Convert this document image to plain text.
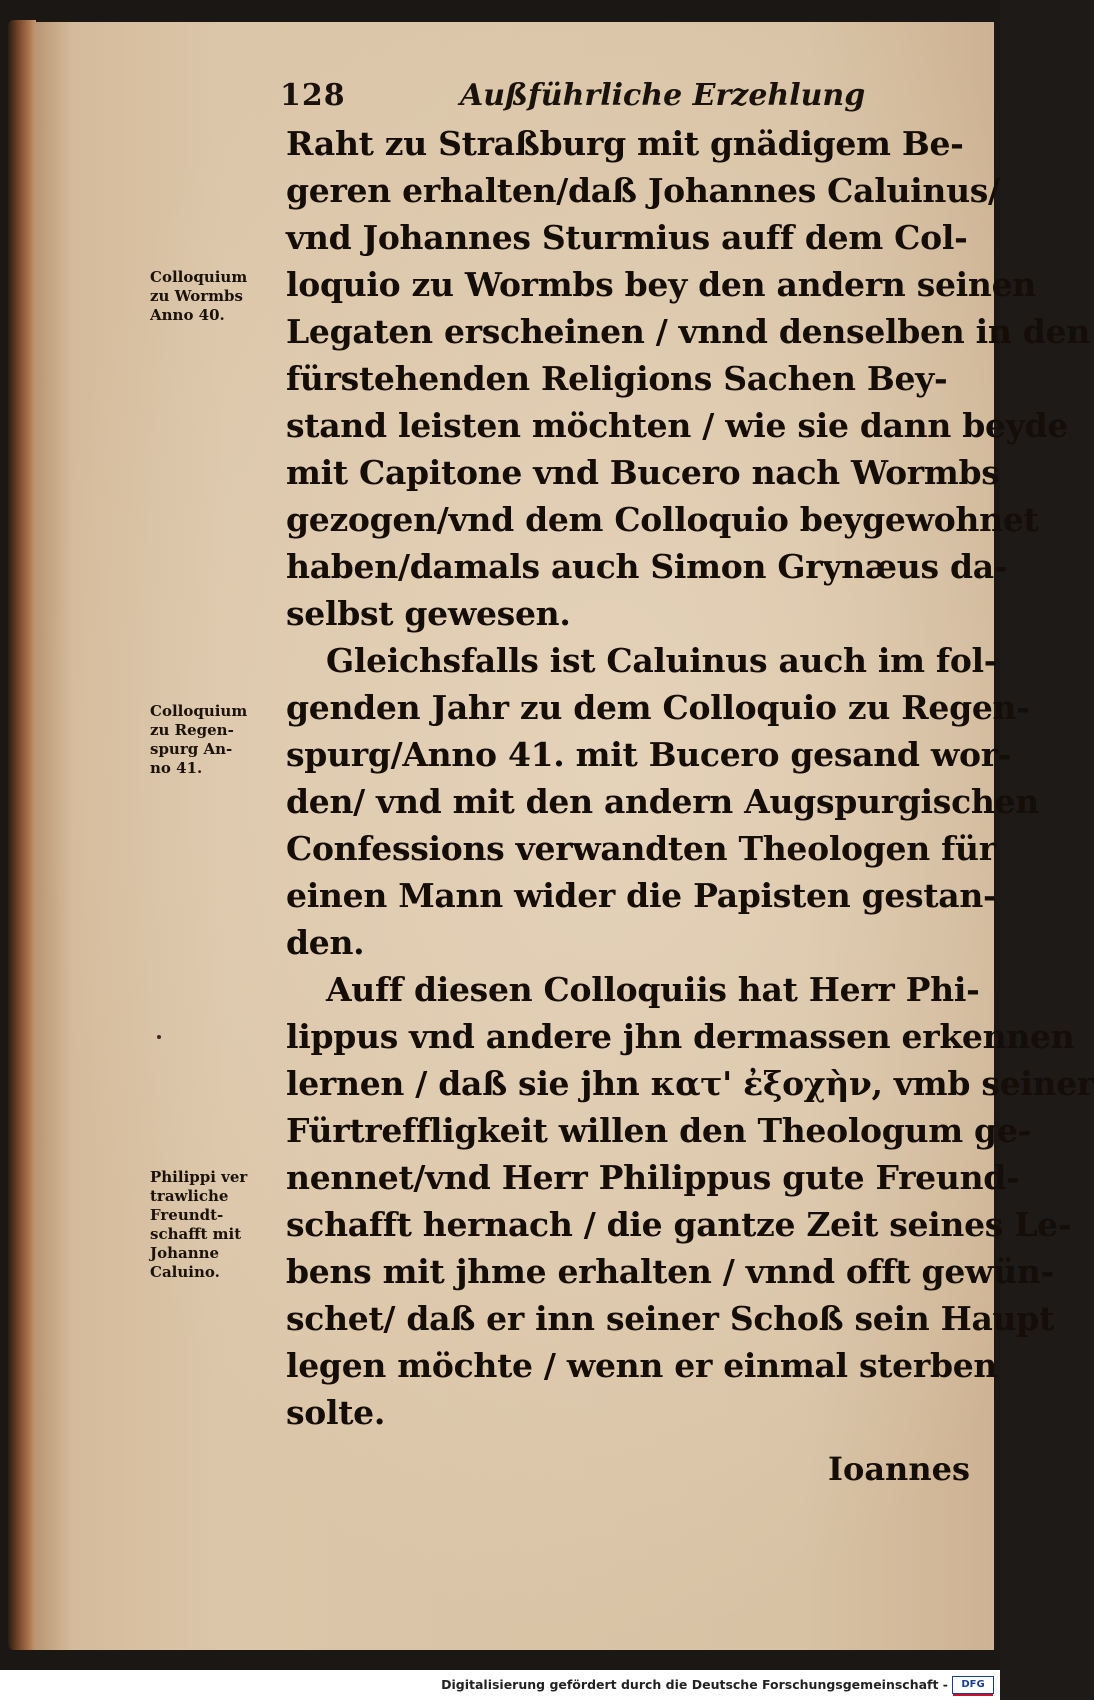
128	Außführliche Erzehlung
Colloquium
zu Wormbs
Anno 40.
Colloquium
zu Regen-
spurg An-
no 41.
Philippi ver
trawliche
Freundt-
schafft mit
Johanne
Caluino.
Raht zu Straßburg mit gnädigem Be-
geren erhalten/daß Johannes Caluinus/
vnd Johannes Sturmius auff dem Col-
loquio zu Wormbs bey den andern seinen
Legaten erscheinen / vnnd denselben in den
fürstehenden Religions Sachen Bey-
stand leisten möchten / wie sie dann beyde
mit Capitone vnd Bucero nach Wormbs
gezogen/vnd dem Colloquio beygewohnet
haben/damals auch Simon Grynæus da-
selbst gewesen.
Gleichsfalls ist Caluinus auch im fol-
genden Jahr zu dem Colloquio zu Regen-
spurg/Anno 41. mit Bucero gesand wor-
den/ vnd mit den andern Augspurgischen
Confessions verwandten Theologen für
einen Mann wider die Papisten gestan-
den.
Auff diesen Colloquiis hat Herr Phi-
lippus vnd andere jhn dermassen erkennen
lernen / daß sie jhn κατ' ἐξοχὴν, vmb seiner
Fürtreffligkeit willen den Theologum ge-
nennet/vnd Herr Philippus gute Freund-
schafft hernach / die gantze Zeit seines Le-
bens mit jhme erhalten / vnnd offt gewün-
schet/ daß er inn seiner Schoß sein Haupt
legen möchte / wenn er einmal sterben
solte.
Ioannes
Digitalisierung gefördert durch die Deutsche Forschungsgemeinschaft -	DFG
